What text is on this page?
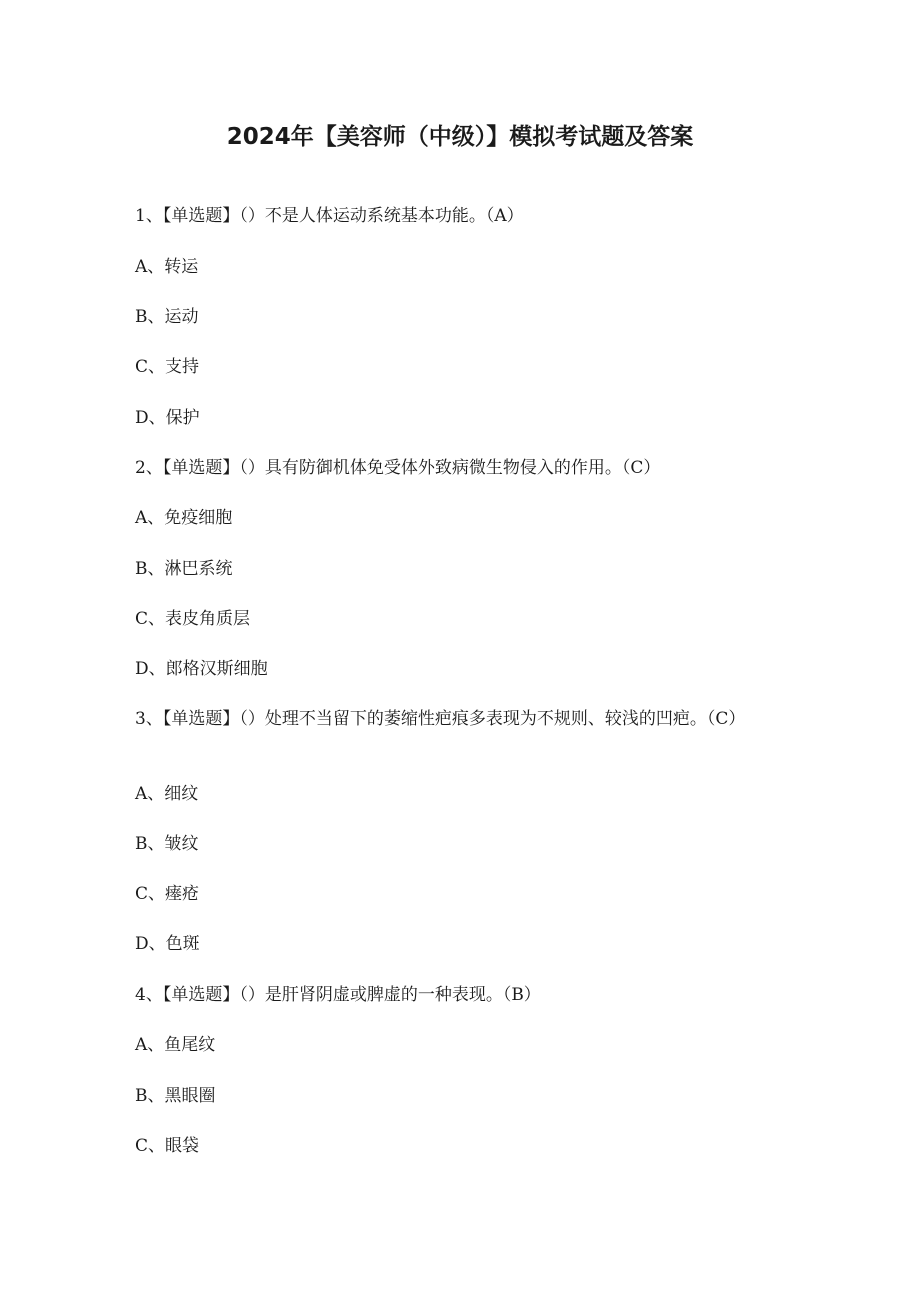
2024年【美容师（中级）】模拟考试题及答案

1、【单选题】（）不是人体运动系统基本功能。（A）

A、转运

B、运动

C、支持

D、保护

2、【单选题】（）具有防御机体免受体外致病微生物侵入的作用。（C）

A、免疫细胞

B、淋巴系统

C、表皮角质层

D、郎格汉斯细胞

3、【单选题】（）处理不当留下的萎缩性疤痕多表现为不规则、较浅的凹疤。（C）

A、细纹

B、皱纹

C、瘗疮

D、色斑

4、【单选题】（）是肝肾阴虚或脾虚的一种表现。（B）

A、鱼尾纹

B、黑眼圈

C、眼袋
